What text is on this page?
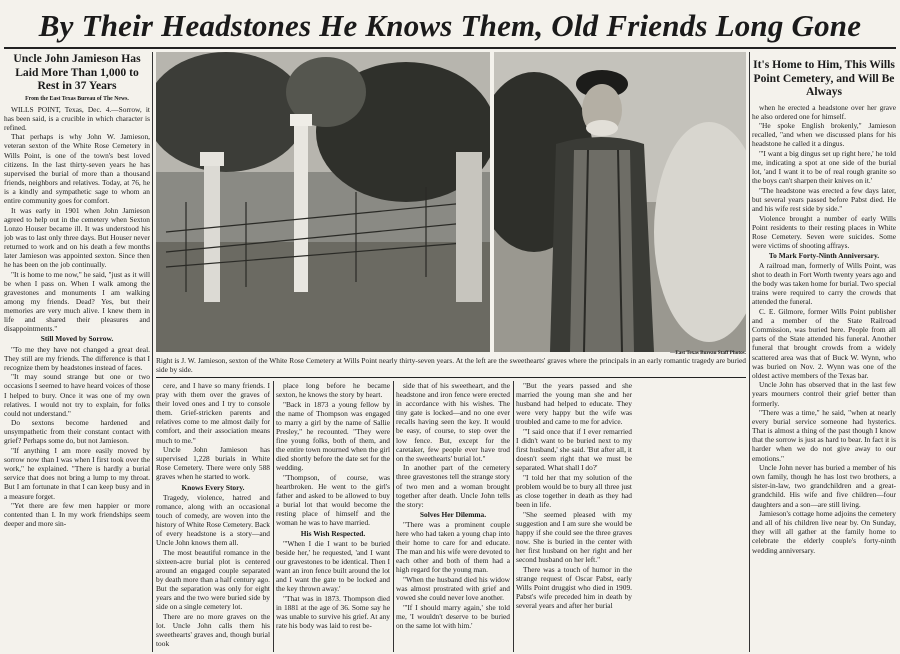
By Their Headstones He Knows Them, Old Friends Long Gone
Uncle John Jamieson Has Laid More Than 1,000 to Rest in 37 Years
From the East Texas Bureau of The News.

WILLS POINT, Texas, Dec. 4.—Sorrow, it has been said, is a crucible in which character is refined.

That perhaps is why John W. Jamieson, veteran sexton of the White Rose Cemetery in Wills Point, is one of the town's best loved citizens. In the last thirty-seven years he has supervised the burial of more than a thousand friends, neighbors and relatives. Today, at 76, he is a kindly and sympathetic sage to whom an entire community goes for comfort.

It was early in 1901 when John Jamieson agreed to help out in the cemetery when Sexton Lonzo Houser became ill. It was understood his job was to last only three days. But Houser never returned to work and on his death a few months later Jamieson was appointed sexton. Since then he has been on the job continually.

"It is home to me now," he said, "just as it will be when I pass on. When I walk among the gravestones and monuments I am walking among my friends. Dead? Yes, but their memories are very much alive. I knew them in life and shared their pleasures and disappointments."

Still Moved by Sorrow.

"To me they have not changed a great deal. They still are my friends. The difference is that I recognize them by headstones instead of faces.

"It may sound strange but one or two occasions I seemed to have heard voices of those I helped to bury. Once it was one of my own relatives. I would not try to explain, for folks could not understand."

Do sextons become hardened and unsympathetic from their constant contact with grief? Perhaps some do, but not Jamieson.

"If anything I am more easily moved by sorrow now than I was when I first took over the work," he explained. "There is hardly a burial service that does not bring a lump to my throat. But I am fortunate in that I can keep busy and in a measure forget.

"Yet there are few men happier or more contented than I. In my work friendships seem deeper and more sin-

—East Texas Bureau Staff Photos.
Right is J. W. Jamieson, sexton of the White Rose Cemetery at Wills Point nearly thirty-seven years. At the left are the sweethearts' graves where the principals in an early romantic tragedy are buried side by side.

cere, and I have so many friends. I pray with them over the graves of their loved ones and I try to console them. Grief-stricken parents and relatives come to me almost daily for comfort, and their association means much to me."

Uncle John Jamieson has supervised 1,228 burials in White Rose Cemetery. There were only 588 graves when he started to work.

Knows Every Story.

Tragedy, violence, hatred and romance, along with an occasional touch of comedy, are woven into the history of White Rose Cemetery. Back of every headstone is a story—and Uncle John knows them all.

The most beautiful romance in the sixteen-acre burial plot is centered around an engaged couple separated by death more than a half century ago. But the separation was only for eight years and the two were buried side by side on a single cemetery lot.

There are no more graves on the lot. Uncle John calls them his sweethearts' graves and, though burial took

place long before he became sexton, he knows the story by heart.

"Back in 1873 a young fellow by the name of Thompson was engaged to marry a girl by the name of Sallie Presley," he recounted. "They were fine young folks, both of them, and the entire town mourned when the girl died shortly before the date set for the wedding.

"Thompson, of course, was heartbroken. He went to the girl's father and asked to be allowed to buy a burial lot that would become the resting place of himself and the woman he was to have married.

His Wish Respected.

"'When I die I want to be buried beside her,' he requested, 'and I want our gravestones to be identical. Then I want an iron fence built around the lot and I want the gate to be locked and the key thrown away.'

"That was in 1873. Thompson died in 1881 at the age of 36. Some say he was unable to survive his grief. At any rate his body was laid to rest be-

side that of his sweetheart, and the headstone and iron fence were erected in accordance with his wishes. The tiny gate is locked—and no one ever recalls having seen the key. It would be easy, of course, to step over the low fence. But, except for the caretaker, few people ever have trod on the sweethearts' burial lot."

In another part of the cemetery three gravestones tell the strange story of two men and a woman brought together after death. Uncle John tells the story:

Solves Her Dilemma.

"There was a prominent couple here who had taken a young chap into their home to care for and educate. The man and his wife were devoted to each other and both of them had a high regard for the young man.

"When the husband died his widow was almost prostrated with grief and vowed she could never love another.

"'If I should marry again,' she told me, 'I wouldn't deserve to be buried on the same lot with him.'

"But the years passed and she married the young man she and her husband had helped to educate. They were very happy but the wife was troubled and came to me for advice.

"'I said once that if I ever remarried I didn't want to be buried next to my first husband,' she said. 'But after all, it doesn't seem right that we must be separated. What shall I do?'

"I told her that my solution of the problem would be to bury all three just as close together in death as they had been in life.

"She seemed pleased with my suggestion and I am sure she would be happy if she could see the three graves now. She is buried in the center with her first husband on her right and her second husband on her left."

There was a touch of humor in the strange request of Oscar Pabst, early Wills Point druggist who died in 1909. Pabst's wife preceded him in death by several years and after her burial

It's Home to Him, This Wills Point Cemetery, and Will Be Always

when he erected a headstone over her grave he also ordered one for himself.

"He spoke English brokenly," Jamieson recalled, "and when we discussed plans for his headstone he called it a dingus.

"'I want a big dingus set up right here,' he told me, indicating a spot at one side of the burial lot, 'and I want it to be of real rough granite so the boys can't sharpen their knives on it.'

"The headstone was erected a few days later, but several years passed before Pabst died. He and his wife rest side by side."

Violence brought a number of early Wills Point residents to their resting places in White Rose Cemetery. Seven were suicides. Some were victims of shooting affrays.

To Mark Forty-Ninth Anniversary.

A railroad man, formerly of Wills Point, was shot to death in Fort Worth twenty years ago and the body was taken home for burial. Two special trains were required to carry the crowds that attended the funeral.

C. E. Gilmore, former Wills Point publisher and a member of the State Railroad Commission, was buried here. People from all parts of the State attended his funeral. Another funeral that brought crowds from a widely scattered area was that of Buck W. Wynn, who was buried on Nov. 2. Wynn was one of the oldest active members of the Texas bar.

Uncle John has observed that in the last few years mourners control their grief better than formerly.

"There was a time," he said, "when at nearly every burial service someone had hysterics. That is almost a thing of the past though I know that the sorrow is just as hard to bear. In fact it is harder when we do not give away to our emotions."

Uncle John never has buried a member of his own family, though he has lost two brothers, a sister-in-law, two grandchildren and a great-grandchild. His wife and five children—four daughters and a son—are still living.

Jamieson's cottage home adjoins the cemetery and all of his children live near by. On Sunday, they will all gather at the family home to celebrate the elderly couple's forty-ninth wedding anniversary.
